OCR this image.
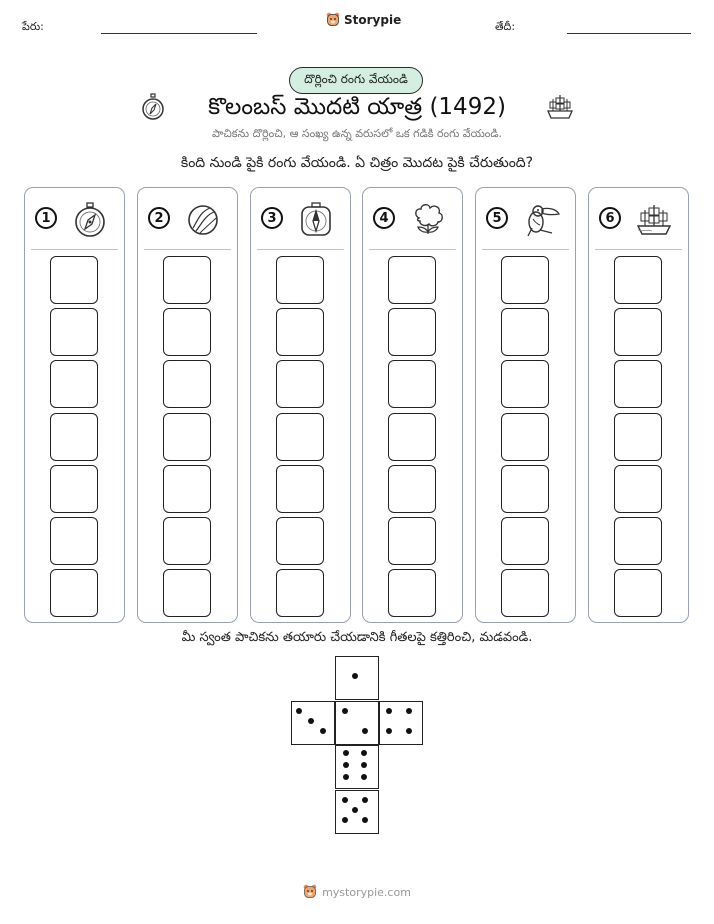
పేరు:	Storypie	తేదీ:
దొర్లించి రంగు వేయండి
కొలంబస్ మొదటి యాత్ర (1492)
పాచికను దొర్లించి, ఆ సంఖ్య ఉన్న వరుసలో ఒక గడికి రంగు వేయండి.
కింది నుండి పైకి రంగు వేయండి. ఏ చిత్రం మొదట పైకి చేరుతుంది?
1	2	3	4	5	6
మీ స్వంత పాచికను తయారు చేయడానికి గీతలపై కత్తిరించి, మడవండి.
mystorypie.com
